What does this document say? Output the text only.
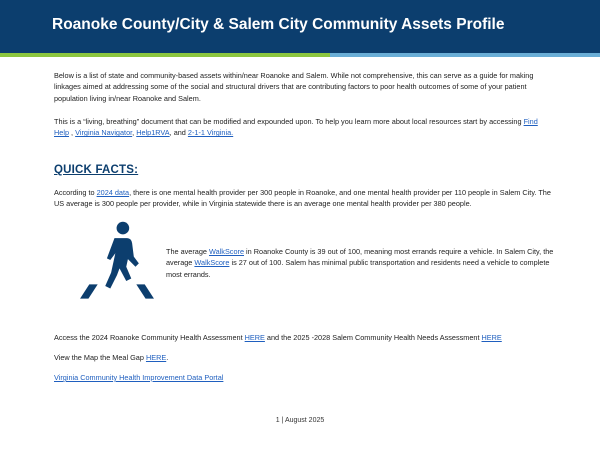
Roanoke County/City & Salem City Community Assets Profile

Below is a list of state and community-based assets within/near Roanoke and Salem. While not comprehensive, this can serve as a guide for making linkages aimed at addressing some of the social and structural drivers that are contributing factors to poor health outcomes of some of your patient population living in/near Roanoke and Salem.

This is a “living, breathing” document that can be modified and expounded upon. To help you learn more about local resources start by accessing Find Help , Virginia Navigator, Help1RVA, and 2-1-1 Virginia.

QUICK FACTS:

According to 2024 data, there is one mental health provider per 300 people in Roanoke, and one mental health provider per 110 people in Salem City. The US average is 300 people per provider, while in Virginia statewide there is an average one mental health provider per 380 people.

The average WalkScore in Roanoke County is 39 out of 100, meaning most errands require a vehicle. In Salem City, the average WalkScore is 27 out of 100. Salem has minimal public transportation and residents need a vehicle to complete most errands.

Access the 2024 Roanoke Community Health Assessment HERE and the 2025 -2028 Salem Community Health Needs Assessment HERE

View the Map the Meal Gap HERE.

Virginia Community Health Improvement Data Portal

1 | August 2025
